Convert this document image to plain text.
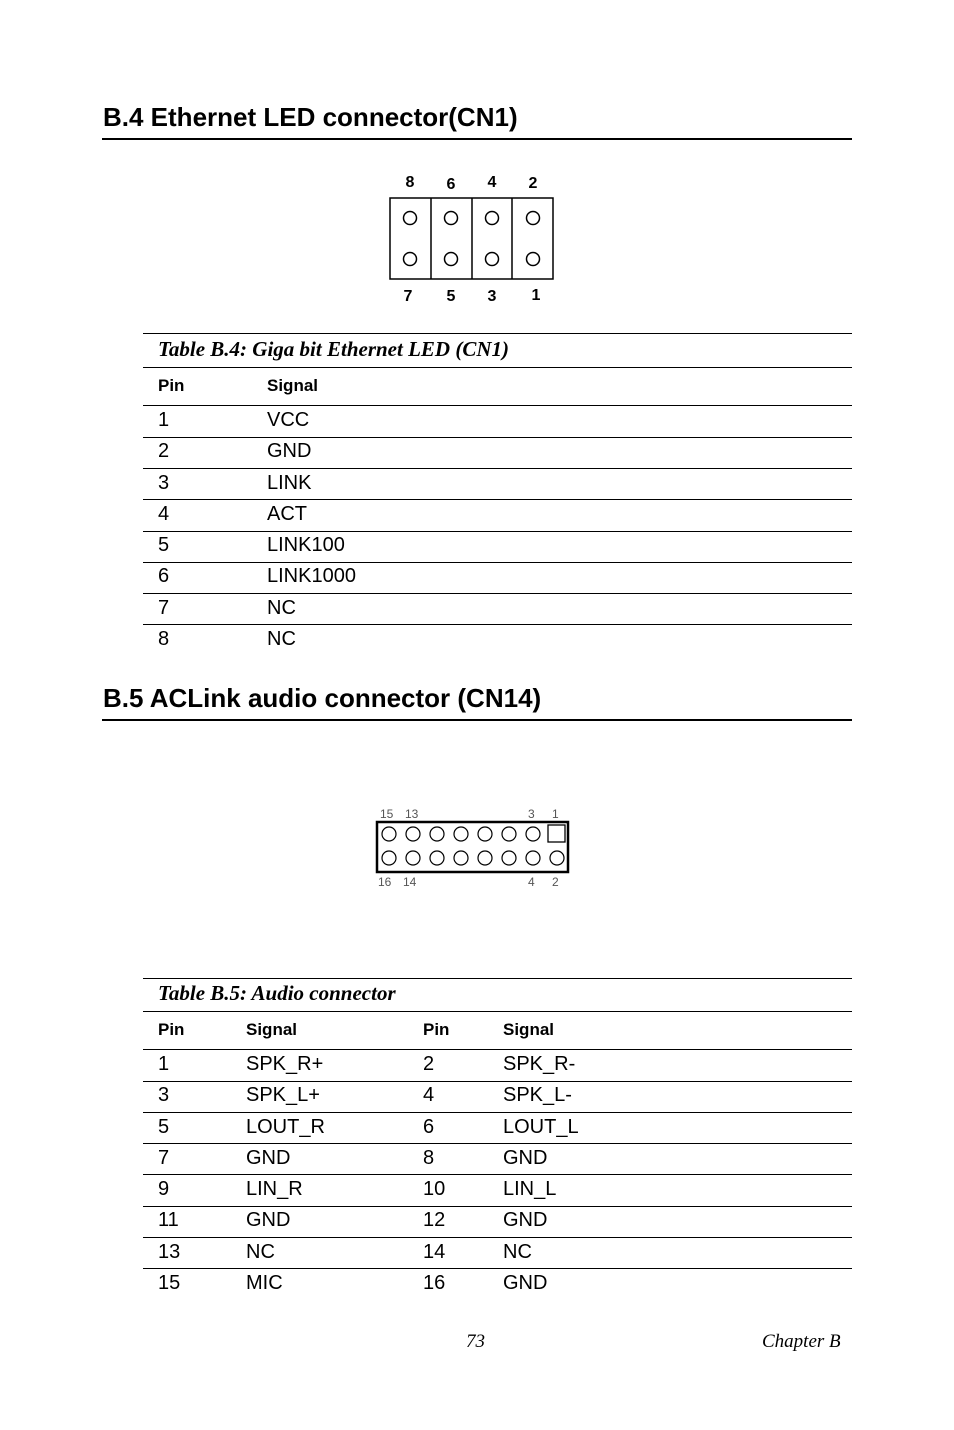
B.4 Ethernet LED connector(CN1)
8 6 4 2
7 5 3 1
Table B.4: Giga bit Ethernet LED (CN1)
Pin	Signal
1	VCC
2	GND
3	LINK
4	ACT
5	LINK100
6	LINK1000
7	NC
8	NC
B.5 ACLink audio connector (CN14)
15 13	3 1
16 14	4 2
Table B.5: Audio connector
Pin	Signal	Pin	Signal
1	SPK_R+	2	SPK_R-
3	SPK_L+	4	SPK_L-
5	LOUT_R	6	LOUT_L
7	GND	8	GND
9	LIN_R	10	LIN_L
11	GND	12	GND
13	NC	14	NC
15	MIC	16	GND
73	Chapter B
